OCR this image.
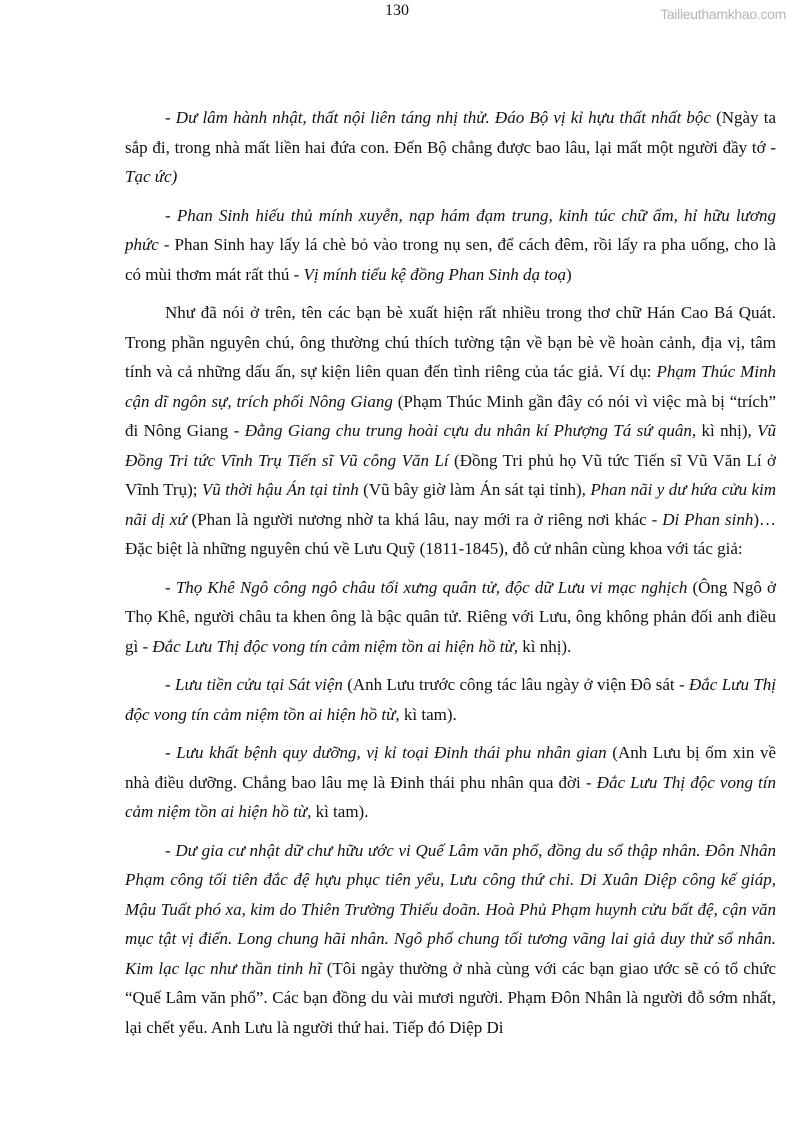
130	Tailieuthamkhao.com

- Dư lâm hành nhật, thất nội liên táng nhị thử. Đáo Bộ vị kỉ hựu thất nhất bộc (Ngày ta sắp đi, trong nhà mất liền hai đứa con. Đến Bộ chẳng được bao lâu, lại mất một người đầy tớ - Tạc ức)

- Phan Sinh hiếu thủ mính xuyễn, nạp hám đạm trung, kinh túc chữ ẩm, hỉ hữu lương phức - Phan Sinh hay lấy lá chè bỏ vào trong nụ sen, để cách đêm, rồi lấy ra pha uống, cho là có mùi thơm mát rất thú - Vị mính tiểu kệ đồng Phan Sinh dạ toạ)

Như đã nói ở trên, tên các bạn bè xuất hiện rất nhiều trong thơ chữ Hán Cao Bá Quát. Trong phần nguyên chú, ông thường chú thích tường tận về bạn bè về hoàn cảnh, địa vị, tâm tính và cả những dấu ấn, sự kiện liên quan đến tình riêng của tác giả. Ví dụ: Phạm Thúc Minh cận dĩ ngôn sự, trích phối Nông Giang (Phạm Thúc Minh gần đây có nói vì việc mà bị “trích” đi Nông Giang - Đằng Giang chu trung hoài cựu du nhân kí Phượng Tá sứ quân, kì nhị), Vũ Đồng Tri tức Vĩnh Trụ Tiến sĩ Vũ công Văn Lí (Đồng Tri phủ họ Vũ tức Tiến sĩ Vũ Văn Lí ở Vĩnh Trụ); Vũ thời hậu Án tại tỉnh (Vũ bây giờ làm Án sát tại tỉnh), Phan nãi y dư hứa cửu kim nãi dị xứ (Phan là người nương nhờ ta khá lâu, nay mới ra ở riêng nơi khác - Di Phan sinh)… Đặc biệt là những nguyên chú về Lưu Quỹ (1811-1845), đỗ cử nhân cùng khoa với tác giả:

- Thọ Khê Ngô công ngô châu tối xưng quân tử, độc dữ Lưu vi mạc nghịch (Ông Ngô ở Thọ Khê, người châu ta khen ông là bậc quân tử. Riêng với Lưu, ông không phản đối anh điều gì - Đắc Lưu Thị độc vong tín cảm niệm tồn ai hiện hồ từ, kì nhị).

- Lưu tiền cửu tại Sát viện (Anh Lưu trước công tác lâu ngày ở viện Đô sát - Đắc Lưu Thị độc vong tín cảm niệm tồn ai hiện hồ từ, kì tam).

- Lưu khất bệnh quy dưỡng, vị kỉ toại Đinh thái phu nhân gian (Anh Lưu bị ốm xin về nhà điều dưỡng. Chẳng bao lâu mẹ là Đinh thái phu nhân qua đời - Đắc Lưu Thị độc vong tín cảm niệm tồn ai hiện hồ từ, kì tam).

- Dư gia cư nhật dữ chư hữu ước vi Quế Lâm văn phổ, đồng du sổ thập nhân. Đôn Nhân Phạm công tối tiên đắc đệ hựu phục tiên yểu, Lưu công thứ chi. Di Xuân Diệp công kế giáp, Mậu Tuất phó xa, kim do Thiên Trường Thiếu doãn. Hoà Phủ Phạm huynh cửu bất đệ, cận văn mục tật vị điển. Long chung hãi nhân. Ngô phổ chung tối tương vãng lai giả duy thử sổ nhân. Kim lạc lạc như thần tinh hĩ (Tôi ngày thường ở nhà cùng với các bạn giao ước sẽ có tổ chức “Quế Lâm văn phổ”. Các bạn đồng du vài mươi người. Phạm Đôn Nhân là người đỗ sớm nhất, lại chết yểu. Anh Lưu là người thứ hai. Tiếp đó Diệp Di
